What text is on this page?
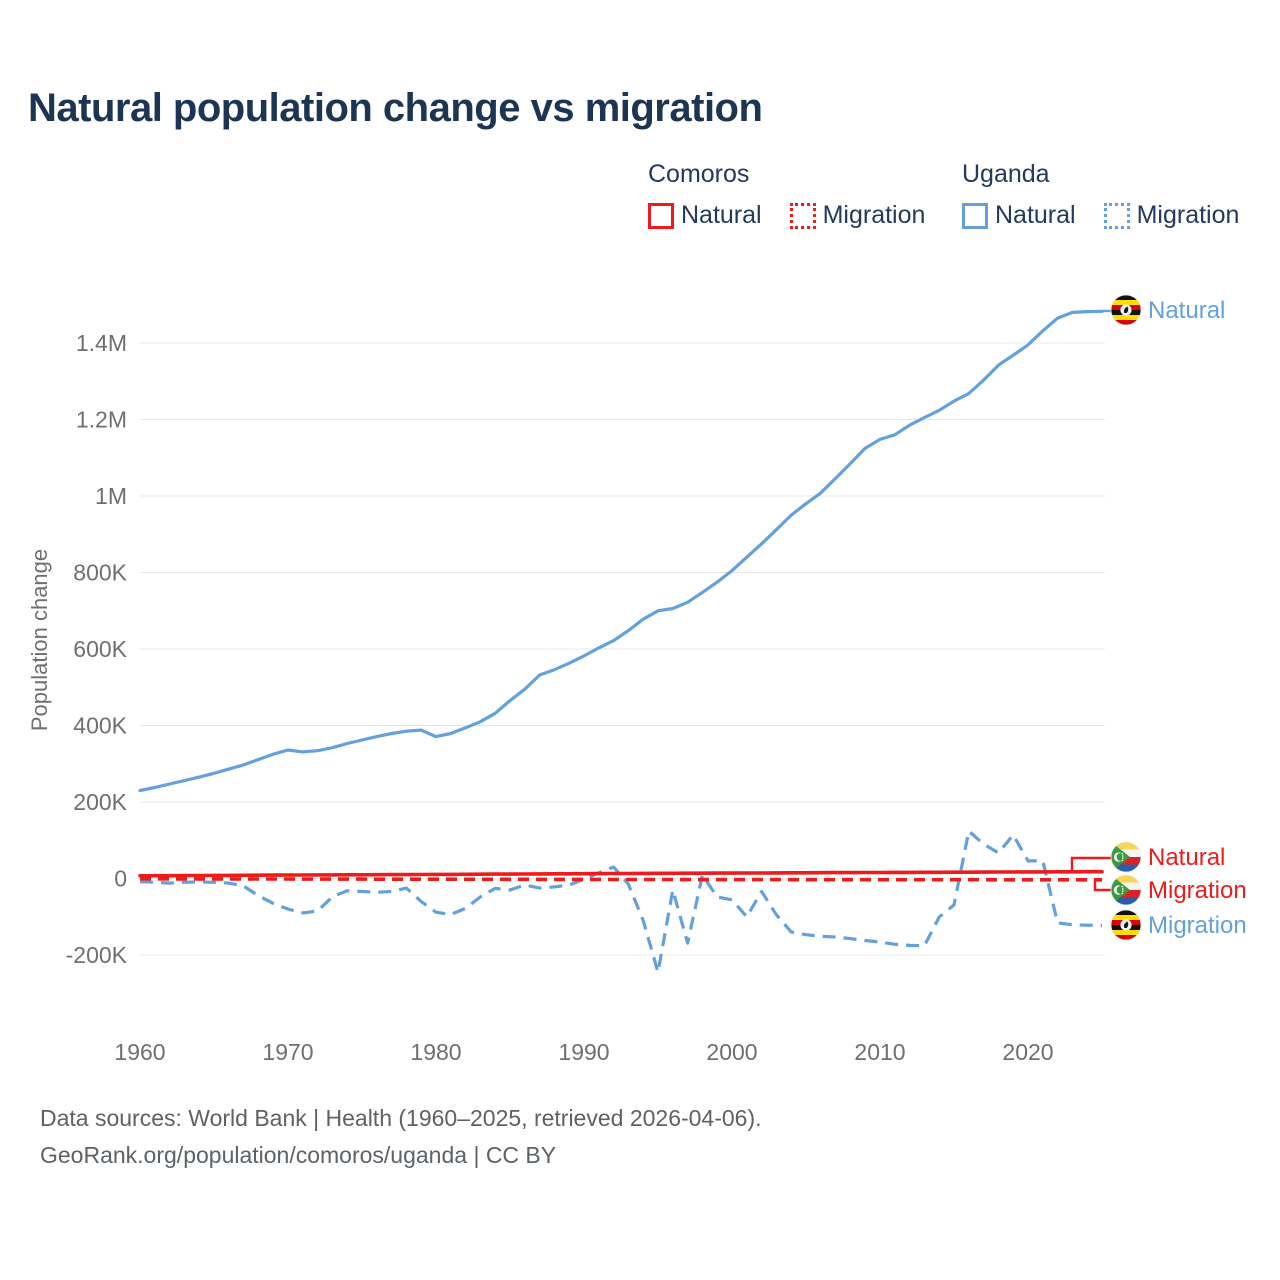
Natural population change vs migration
Comoros
Natural Migration
Uganda
Natural Migration
1.4M
1.2M
1M
800K
600K
400K
200K
0
-200K
1960	1970	1980	1990	2000	2010	2020
Population change
Natural
Natural
Migration
Migration
Data sources: World Bank | Health (1960–2025, retrieved 2026-04-06).
GeoRank.org/population/comoros/uganda | CC BY
